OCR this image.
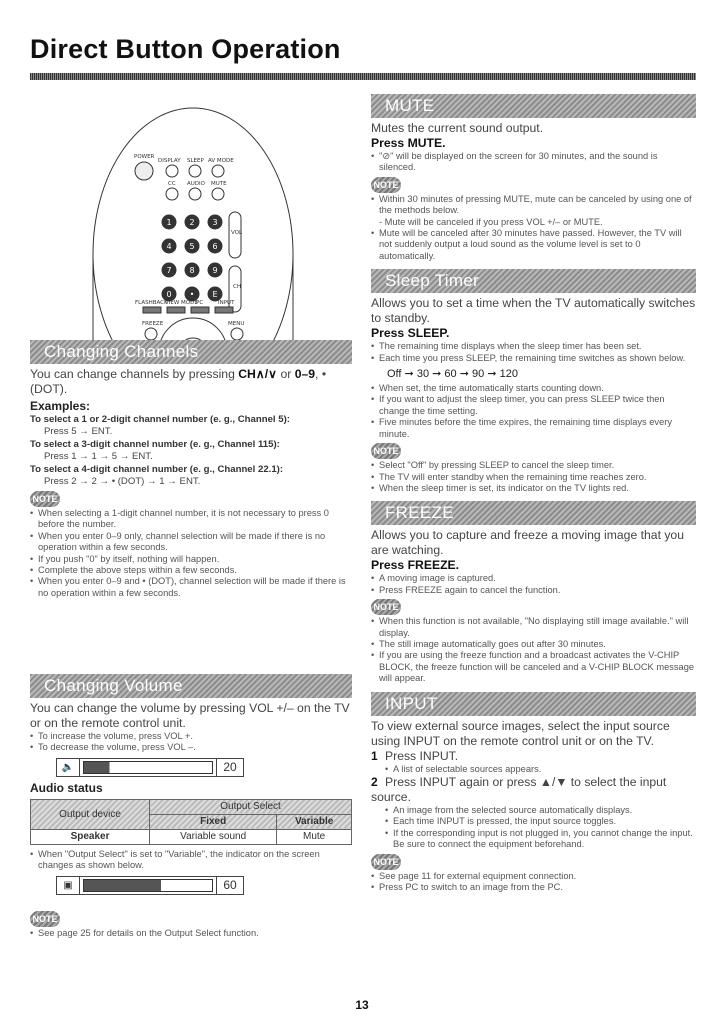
Direct Button Operation
1 2 3
4 5 6
7 8 9
0 • E
POWER
DISPLAY SLEEP AV MODE
CC AUDIO MUTE
VOL
CH
FLASHBACK
VIEW MODE
PC	INPUT
FREEZE	MENU
Changing Channels
You can change channels by pressing CH∧/∨ or 0–9, • (DOT).
Examples:
To select a 1 or 2-digit channel number (e. g., Channel 5):
Press 5 → ENT.
To select a 3-digit channel number (e. g., Channel 115):
Press 1 → 1 → 5 → ENT.
To select a 4-digit channel number (e. g., Channel 22.1):
Press 2 → 2 → • (DOT) → 1 → ENT.
NOTE
• When selecting a 1-digit channel number, it is not necessary to press 0 before the number.
• When you enter 0–9 only, channel selection will be made if there is no operation within a few seconds.
• If you push "0" by itself, nothing will happen.
• Complete the above steps within a few seconds.
• When you enter 0–9 and • (DOT), channel selection will be made if there is no operation within a few seconds.
Changing Volume
You can change the volume by pressing VOL +/– on the TV or on the remote control unit.
• To increase the volume, press VOL +.
• To decrease the volume, press VOL –.
🔈	20
Audio status
Output device	Output Select	
	Fixed	Variable
Speaker	Variable sound	Mute
• When "Output Select" is set to "Variable", the indicator on the screen changes as shown below.
▣	60
NOTE
• See page 25 for details on the Output Select function.
MUTE
Mutes the current sound output.
Press MUTE.
• "⊘" will be displayed on the screen for 30 minutes, and the sound is silenced.
NOTE
• Within 30 minutes of pressing MUTE, mute can be canceled by using one of the methods below.
- Mute will be canceled if you press VOL +/– or MUTE.
• Mute will be canceled after 30 minutes have passed. However, the TV will not suddenly output a loud sound as the volume level is set to 0 automatically.
Sleep Timer
Allows you to set a time when the TV automatically switches to standby.
Press SLEEP.
• The remaining time displays when the sleep timer has been set.
• Each time you press SLEEP, the remaining time switches as shown below.
Off ➞ 30 ➞ 60 ➞ 90 ➞ 120
• When set, the time automatically starts counting down.
• If you want to adjust the sleep timer, you can press SLEEP twice then change the time setting.
• Five minutes before the time expires, the remaining time displays every minute.
NOTE
• Select "Off" by pressing SLEEP to cancel the sleep timer.
• The TV will enter standby when the remaining time reaches zero.
• When the sleep timer is set, its indicator on the TV lights red.
FREEZE
Allows you to capture and freeze a moving image that you are watching.
Press FREEZE.
• A moving image is captured.
• Press FREEZE again to cancel the function.
NOTE
• When this function is not available, "No displaying still image available." will display.
• The still image automatically goes out after 30 minutes.
• If you are using the freeze function and a broadcast activates the V-CHIP BLOCK, the freeze function will be canceled and a V-CHIP BLOCK message will appear.
INPUT
To view external source images, select the input source using INPUT on the remote control unit or on the TV.
1 Press INPUT.
• A list of selectable sources appears.
2 Press INPUT again or press ▲/▼ to select the input source.
• An image from the selected source automatically displays.
• Each time INPUT is pressed, the input source toggles.
• If the corresponding input is not plugged in, you cannot change the input. Be sure to connect the equipment beforehand.
NOTE
• See page 11 for external equipment connection.
• Press PC to switch to an image from the PC.
13
